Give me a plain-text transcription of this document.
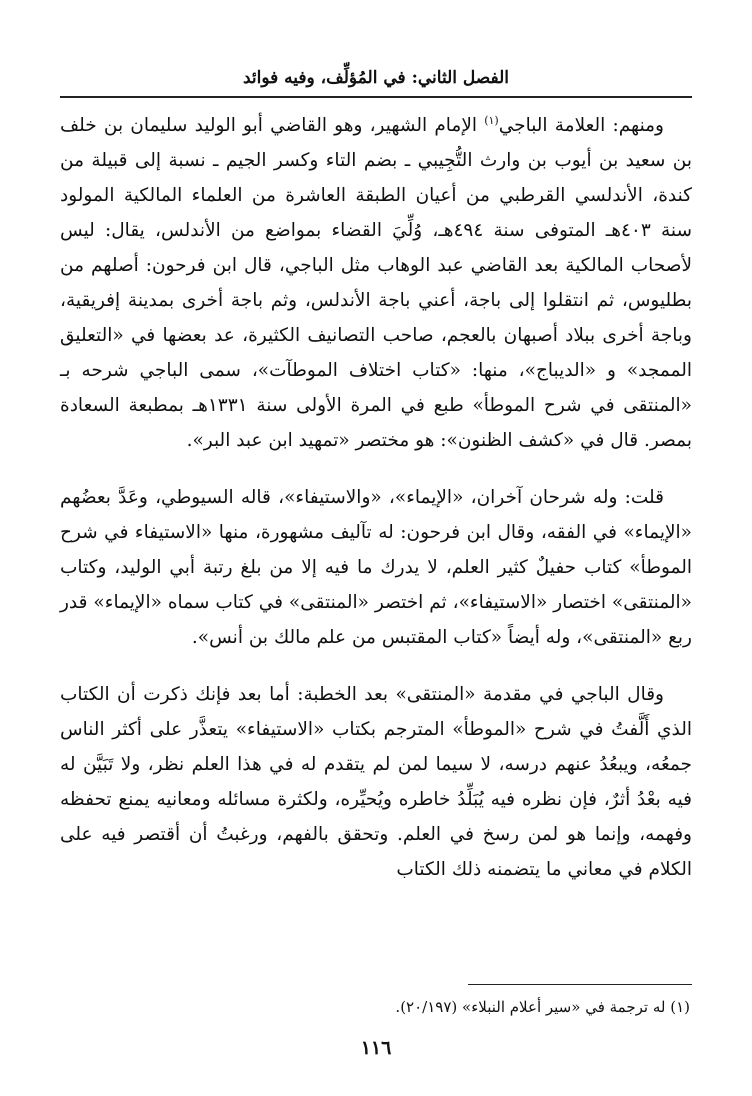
الفصل الثاني: في المُؤلِّف، وفيه فوائد

ومنهم: العلامة الباجي$^{(١)}$ الإمام الشهير، وهو القاضي أبو الوليد سليمان بن خلف بن سعيد بن أيوب بن وارث التُّجِيبي ـ بضم التاء وكسر الجيم ـ نسبة إلى قبيلة من كندة، الأندلسي القرطبي من أعيان الطبقة العاشرة من العلماء المالكية المولود سنة ٤٠٣هـ المتوفى سنة ٤٩٤هـ، وُلِّيَ القضاء بمواضع من الأندلس، يقال: ليس لأصحاب المالكية بعد القاضي عبد الوهاب مثل الباجي، قال ابن فرحون: أصلهم من بطليوس، ثم انتقلوا إلى باجة، أعني باجة الأندلس، وثم باجة أخرى بمدينة إفريقية، وباجة أخرى ببلاد أصبهان بالعجم، صاحب التصانيف الكثيرة، عد بعضها في «التعليق الممجد» و «الديباج»، منها: «كتاب اختلاف الموطآت»، سمى الباجي شرحه بـ «المنتقى في شرح الموطأ» طبع في المرة الأولى سنة ١٣٣١هـ بمطبعة السعادة بمصر. قال في «كشف الظنون»: هو مختصر «تمهيد ابن عبد البر».

قلت: وله شرحان آخران، «الإيماء»، «والاستيفاء»، قاله السيوطي، وعَدَّ بعضُهم «الإيماء» في الفقه، وقال ابن فرحون: له تآليف مشهورة، منها «الاستيفاء في شرح الموطأ» كتاب حفيلٌ كثير العلم، لا يدرك ما فيه إلا من بلغ رتبة أبي الوليد، وكتاب «المنتقى» اختصار «الاستيفاء»، ثم اختصر «المنتقى» في كتاب سماه «الإيماء» قدر ربع «المنتقى»، وله أيضاً «كتاب المقتبس من علم مالك بن أنس».

وقال الباجي في مقدمة «المنتقى» بعد الخطبة: أما بعد فإنك ذكرت أن الكتاب الذي أَلَّفتُ في شرح «الموطأ» المترجم بكتاب «الاستيفاء» يتعذَّر على أكثر الناس جمعُه، ويبعُدُ عنهم درسه، لا سيما لمن لم يتقدم له في هذا العلم نظر، ولا تَبَيَّن له فيه بعْدُ أثرٌ، فإن نظره فيه يُبَلِّدُ خاطره ويُحيِّره، ولكثرة مسائله ومعانيه يمنع تحفظه وفهمه، وإنما هو لمن رسخ في العلم. وتحقق بالفهم، ورغبتُ أن أقتصر فيه على الكلام في معاني ما يتضمنه ذلك الكتاب

(١) له ترجمة في «سير أعلام النبلاء» (٢٠/١٩٧).
١١٦
